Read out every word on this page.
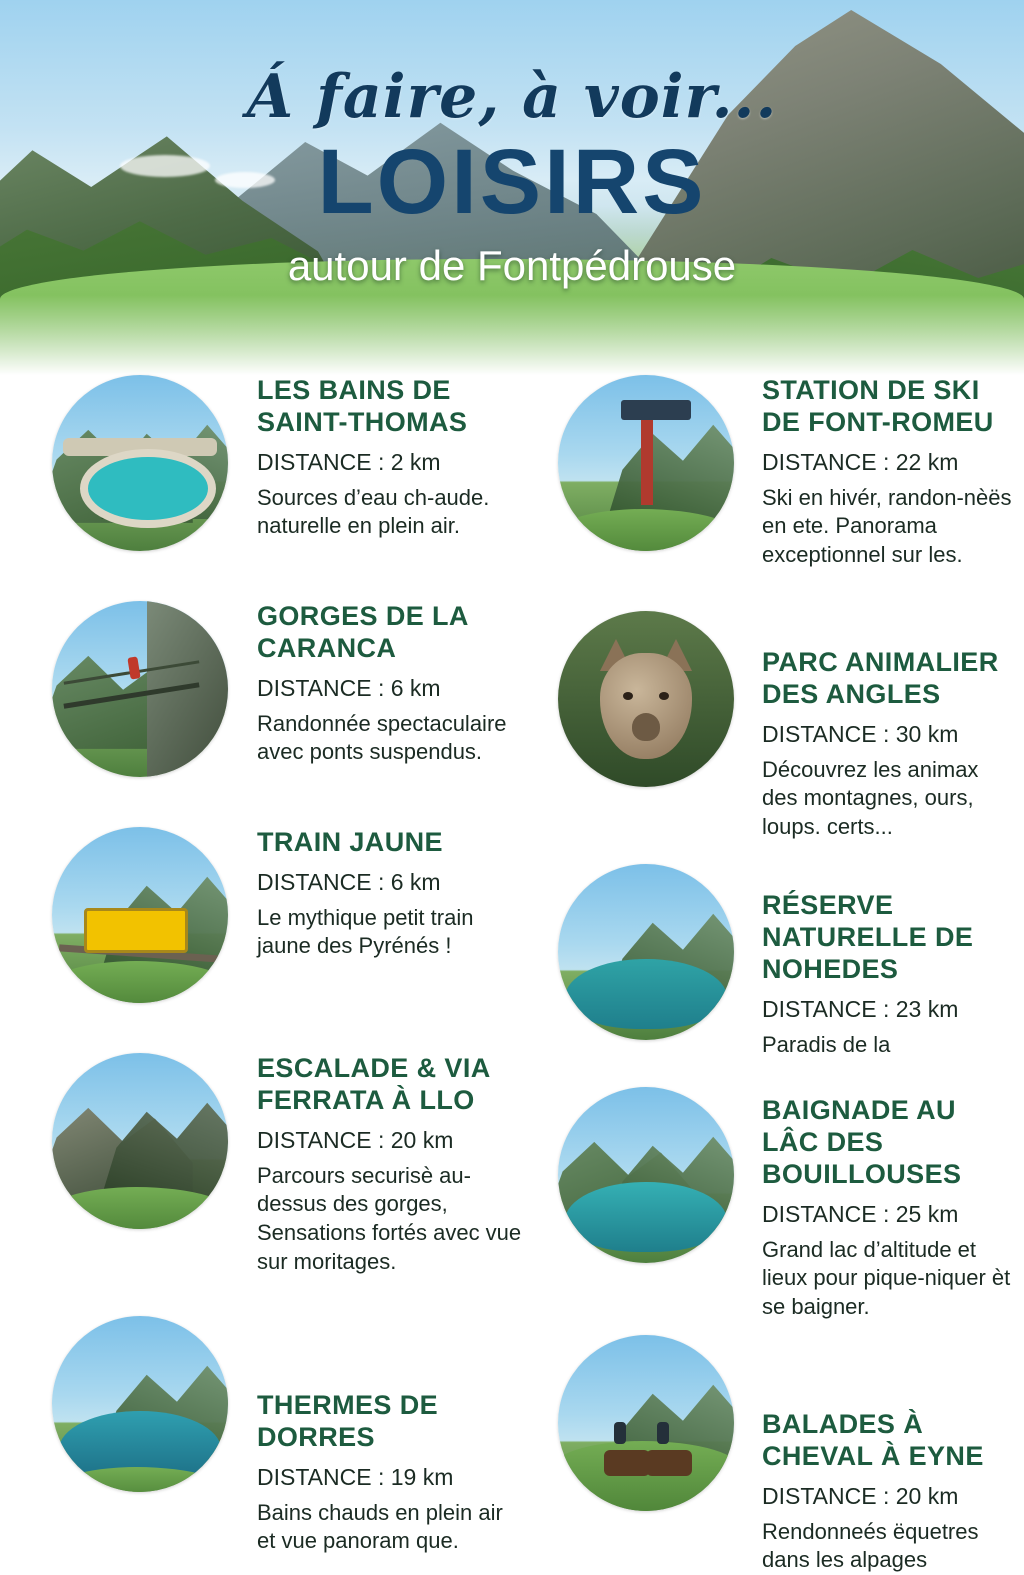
Á faire, à voir...
LOISIRS
autour de Fontpédrouse
LES BAINS DE SAINT-THOMAS
DISTANCE : 2 km
Sources d’eau ch-aude. naturelle en plein air.
GORGES DE LA CARANCA
DISTANCE : 6 km
Randonnée spectaculaire avec ponts suspendus.
TRAIN JAUNE
DISTANCE : 6 km
Le mythique petit train jaune des Pyrénés !
ESCALADE & VIA FERRATA À LLO
DISTANCE : 20 km
Parcours securisè au-dessus des gorges, Sensations fortés avec vue sur moritages.
THERMES DE DORRES
DISTANCE : 19 km
Bains chauds en plein air et vue panoram que.
STATION DE SKI DE FONT-ROMEU
DISTANCE : 22 km
Ski en hivér, randon-nèës en ete. Panorama exceptionnel sur les.
PARC ANIMALIER DES ANGLES
DISTANCE : 30 km
Découvrez les animax des montagnes, ours, loups. certs...
RÉSERVE NATURELLE DE NOHEDES
DISTANCE : 23 km
Paradis de la
BAIGNADE AU LÂC DES BOUILLOUSES
DISTANCE : 25 km
Grand lac d’altitude et lieux pour pique-niquer èt se baigner.
BALADES À CHEVAL À EYNE
DISTANCE : 20 km
Rendonneés ëquetres dans les alpages
